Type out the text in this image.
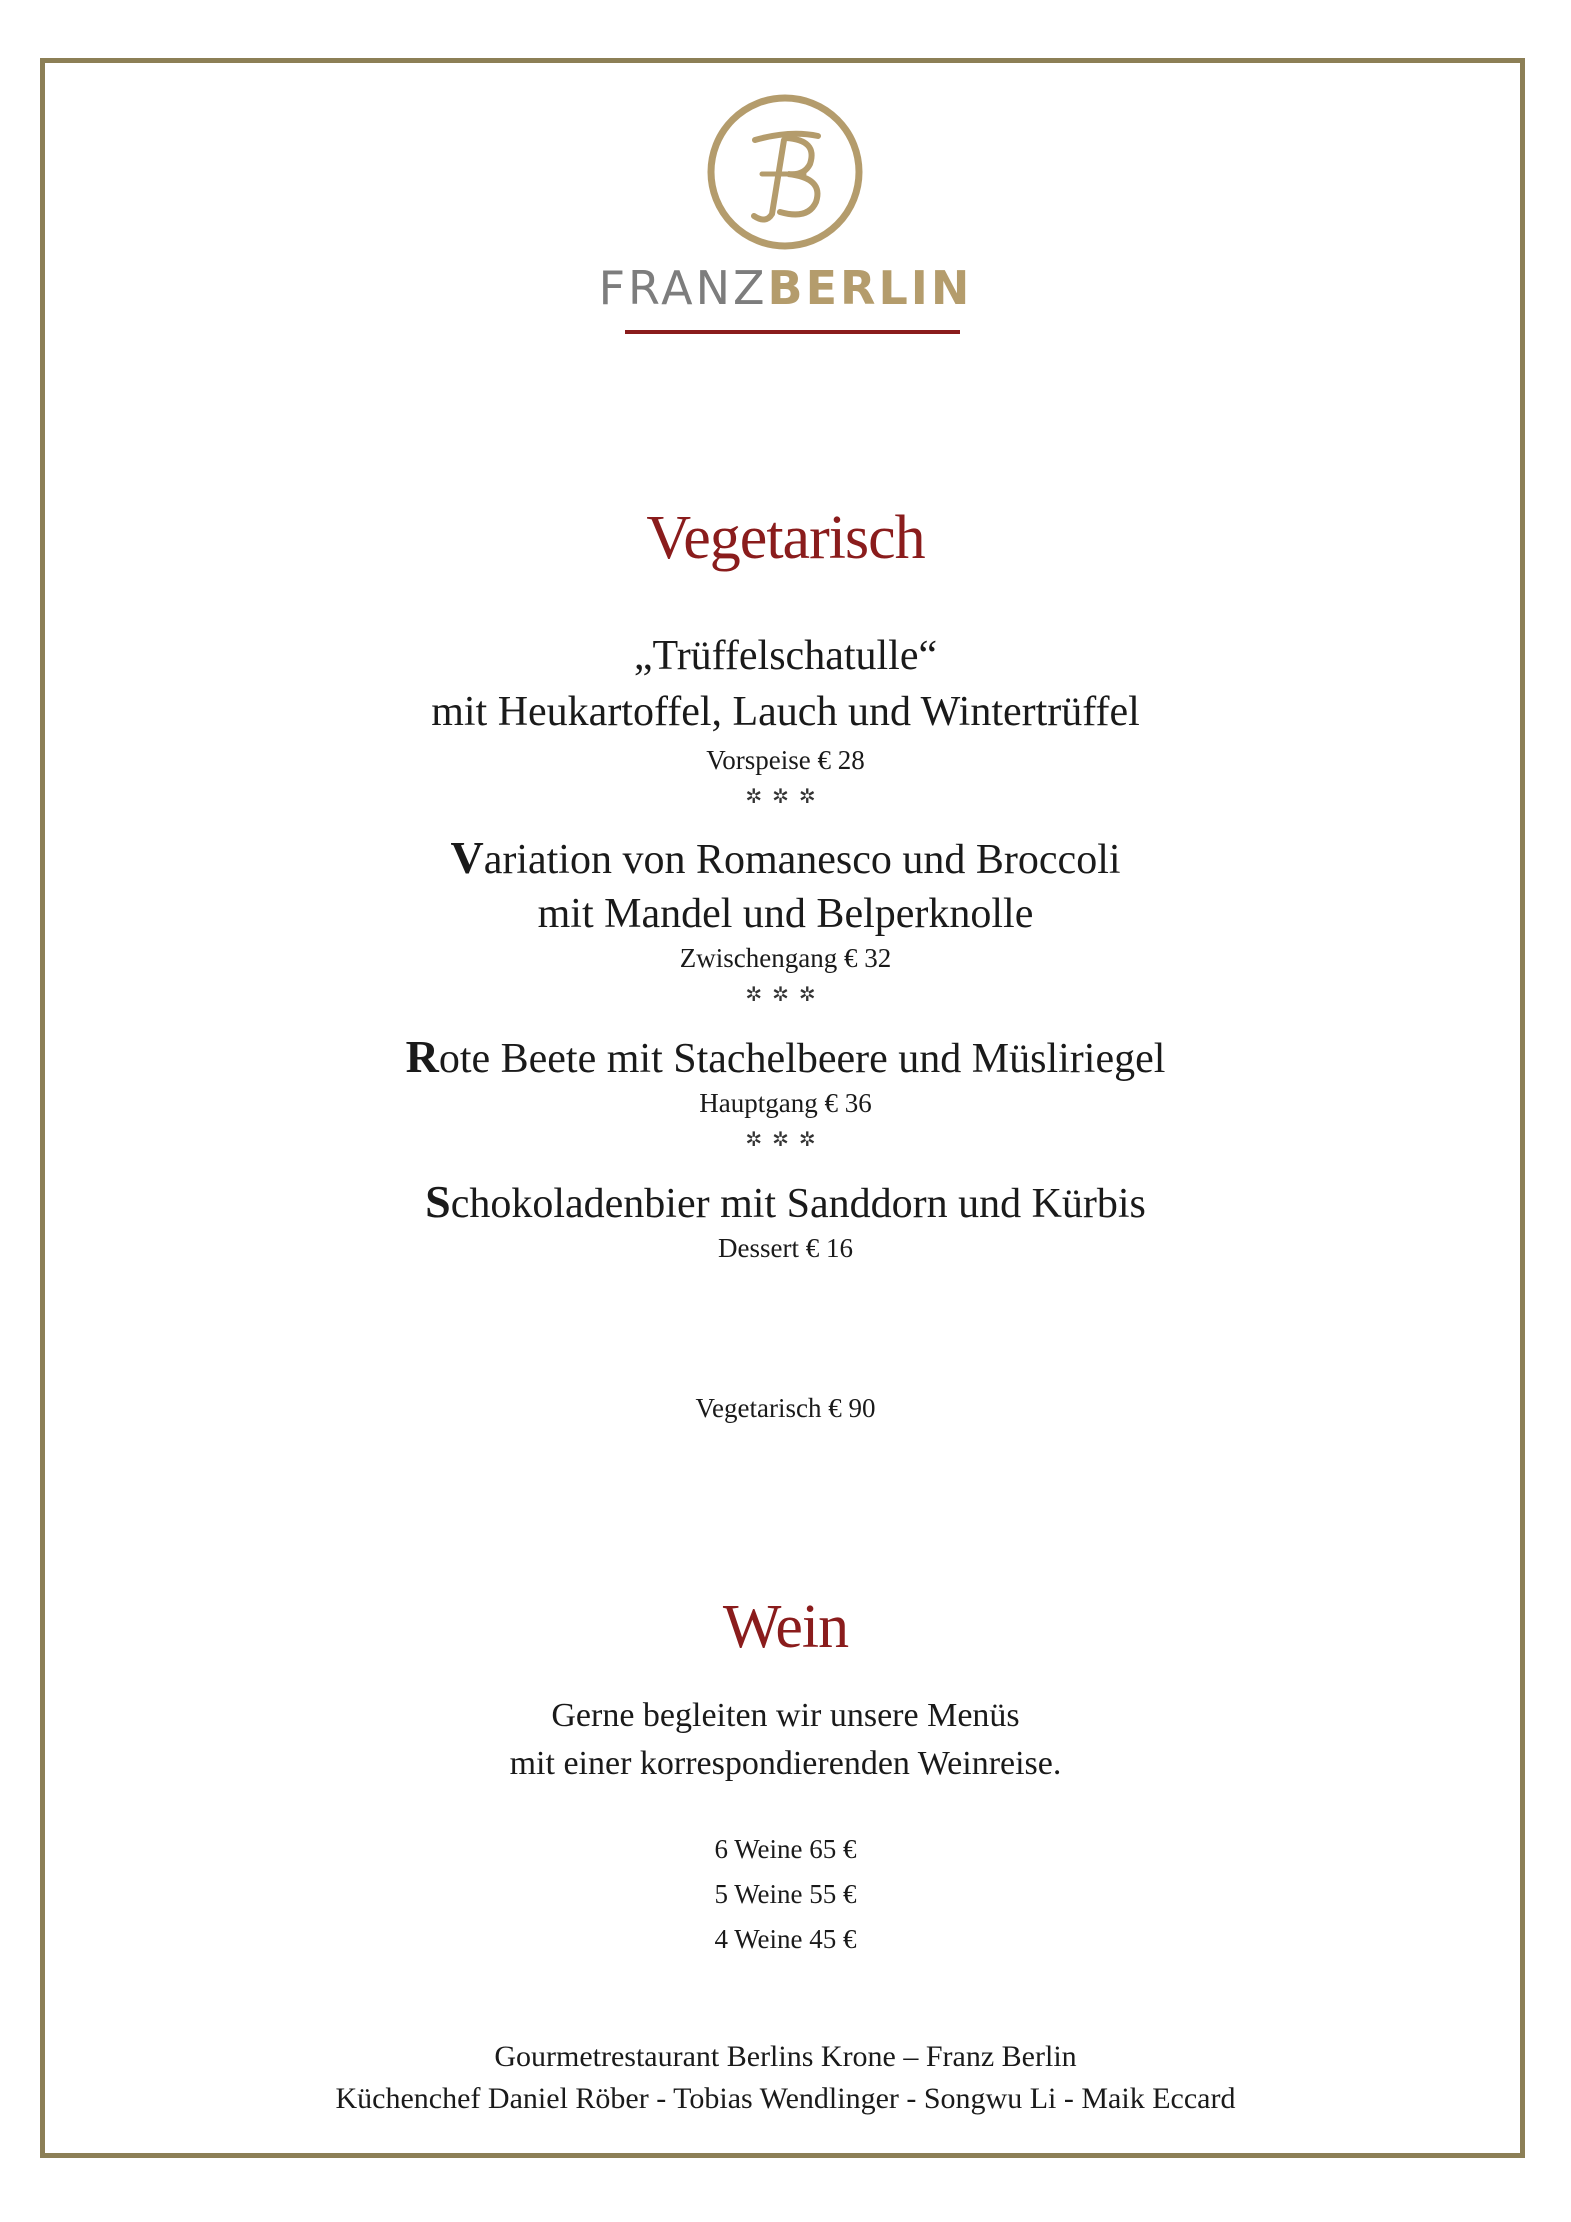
FRANZBERLIN
Vegetarisch
„Trüffelschatulle“
mit Heukartoffel, Lauch und Wintertrüffel
Vorspeise € 28
✲✲✲
Variation von Romanesco und Broccoli
mit Mandel und Belperknolle
Zwischengang € 32
✲✲✲
Rote Beete mit Stachelbeere und Müsliriegel
Hauptgang € 36
✲✲✲
Schokoladenbier mit Sanddorn und Kürbis
Dessert € 16
Vegetarisch € 90
Wein
Gerne begleiten wir unsere Menüs
mit einer korrespondierenden Weinreise.
6 Weine 65 €
5 Weine 55 €
4 Weine 45 €
Gourmetrestaurant Berlins Krone – Franz Berlin
Küchenchef Daniel Röber - Tobias Wendlinger - Songwu Li - Maik Eccard
